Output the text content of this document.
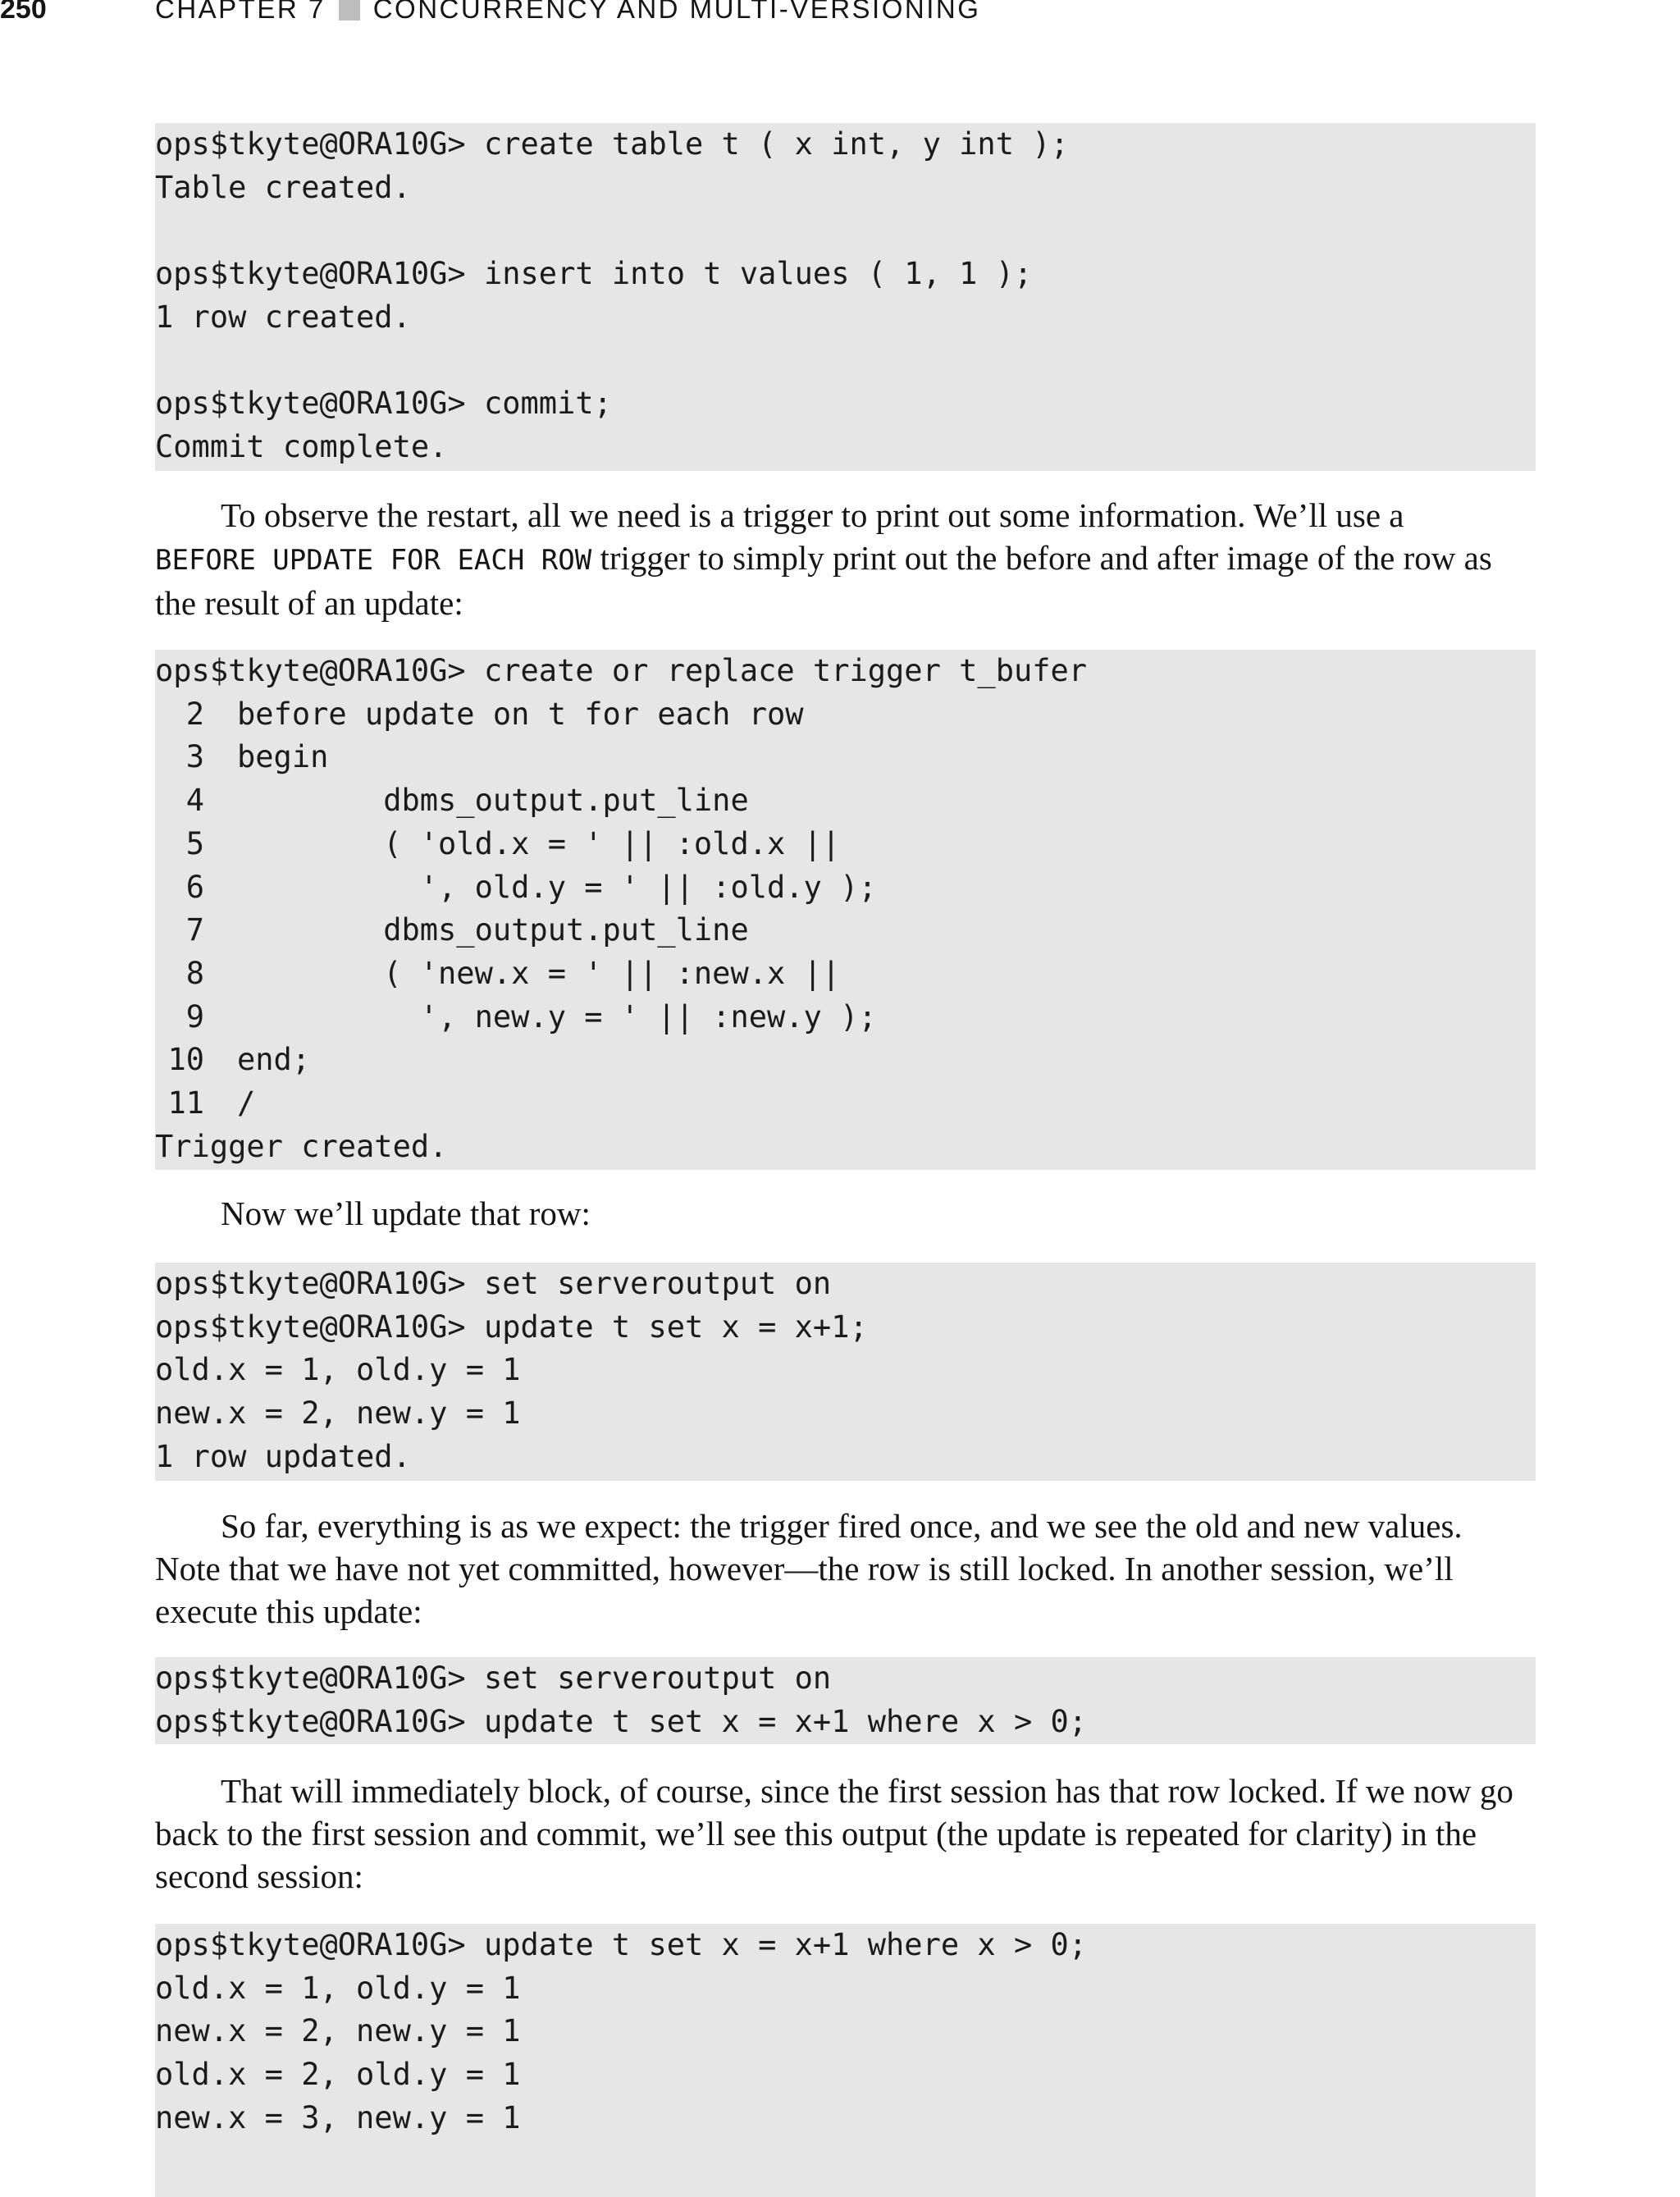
250	CHAPTER 7 CONCURRENCY AND MULTI-VERSIONING
ops$tkyte@ORA10G> create table t ( x int, y int );
Table created.
ops$tkyte@ORA10G> insert into t values ( 1, 1 );
1 row created.
ops$tkyte@ORA10G> commit;
Commit complete.

To observe the restart, all we need is a trigger to print out some information. We’ll use a
BEFORE UPDATE FOR EACH ROW trigger to simply print out the before and after image of the row as the result of an update:

ops$tkyte@ORA10G> create or replace trigger t_bufer
2 before update on t for each row
3 begin
4        dbms_output.put_line
5        ( 'old.x = ' || :old.x ||
6          ', old.y = ' || :old.y );
7        dbms_output.put_line
8        ( 'new.x = ' || :new.x ||
9          ', new.y = ' || :new.y );
10 end;
11 /
Trigger created.

Now we’ll update that row:

ops$tkyte@ORA10G> set serveroutput on
ops$tkyte@ORA10G> update t set x = x+1;
old.x = 1, old.y = 1
new.x = 2, new.y = 1
1 row updated.

So far, everything is as we expect: the trigger fired once, and we see the old and new values. Note that we have not yet committed, however—the row is still locked. In another session, we’ll execute this update:

ops$tkyte@ORA10G> set serveroutput on
ops$tkyte@ORA10G> update t set x = x+1 where x > 0;

That will immediately block, of course, since the first session has that row locked. If we now go back to the first session and commit, we’ll see this output (the update is repeated for clarity) in the second session:

ops$tkyte@ORA10G> update t set x = x+1 where x > 0;
old.x = 1, old.y = 1
new.x = 2, new.y = 1
old.x = 2, old.y = 1
new.x = 3, new.y = 1
